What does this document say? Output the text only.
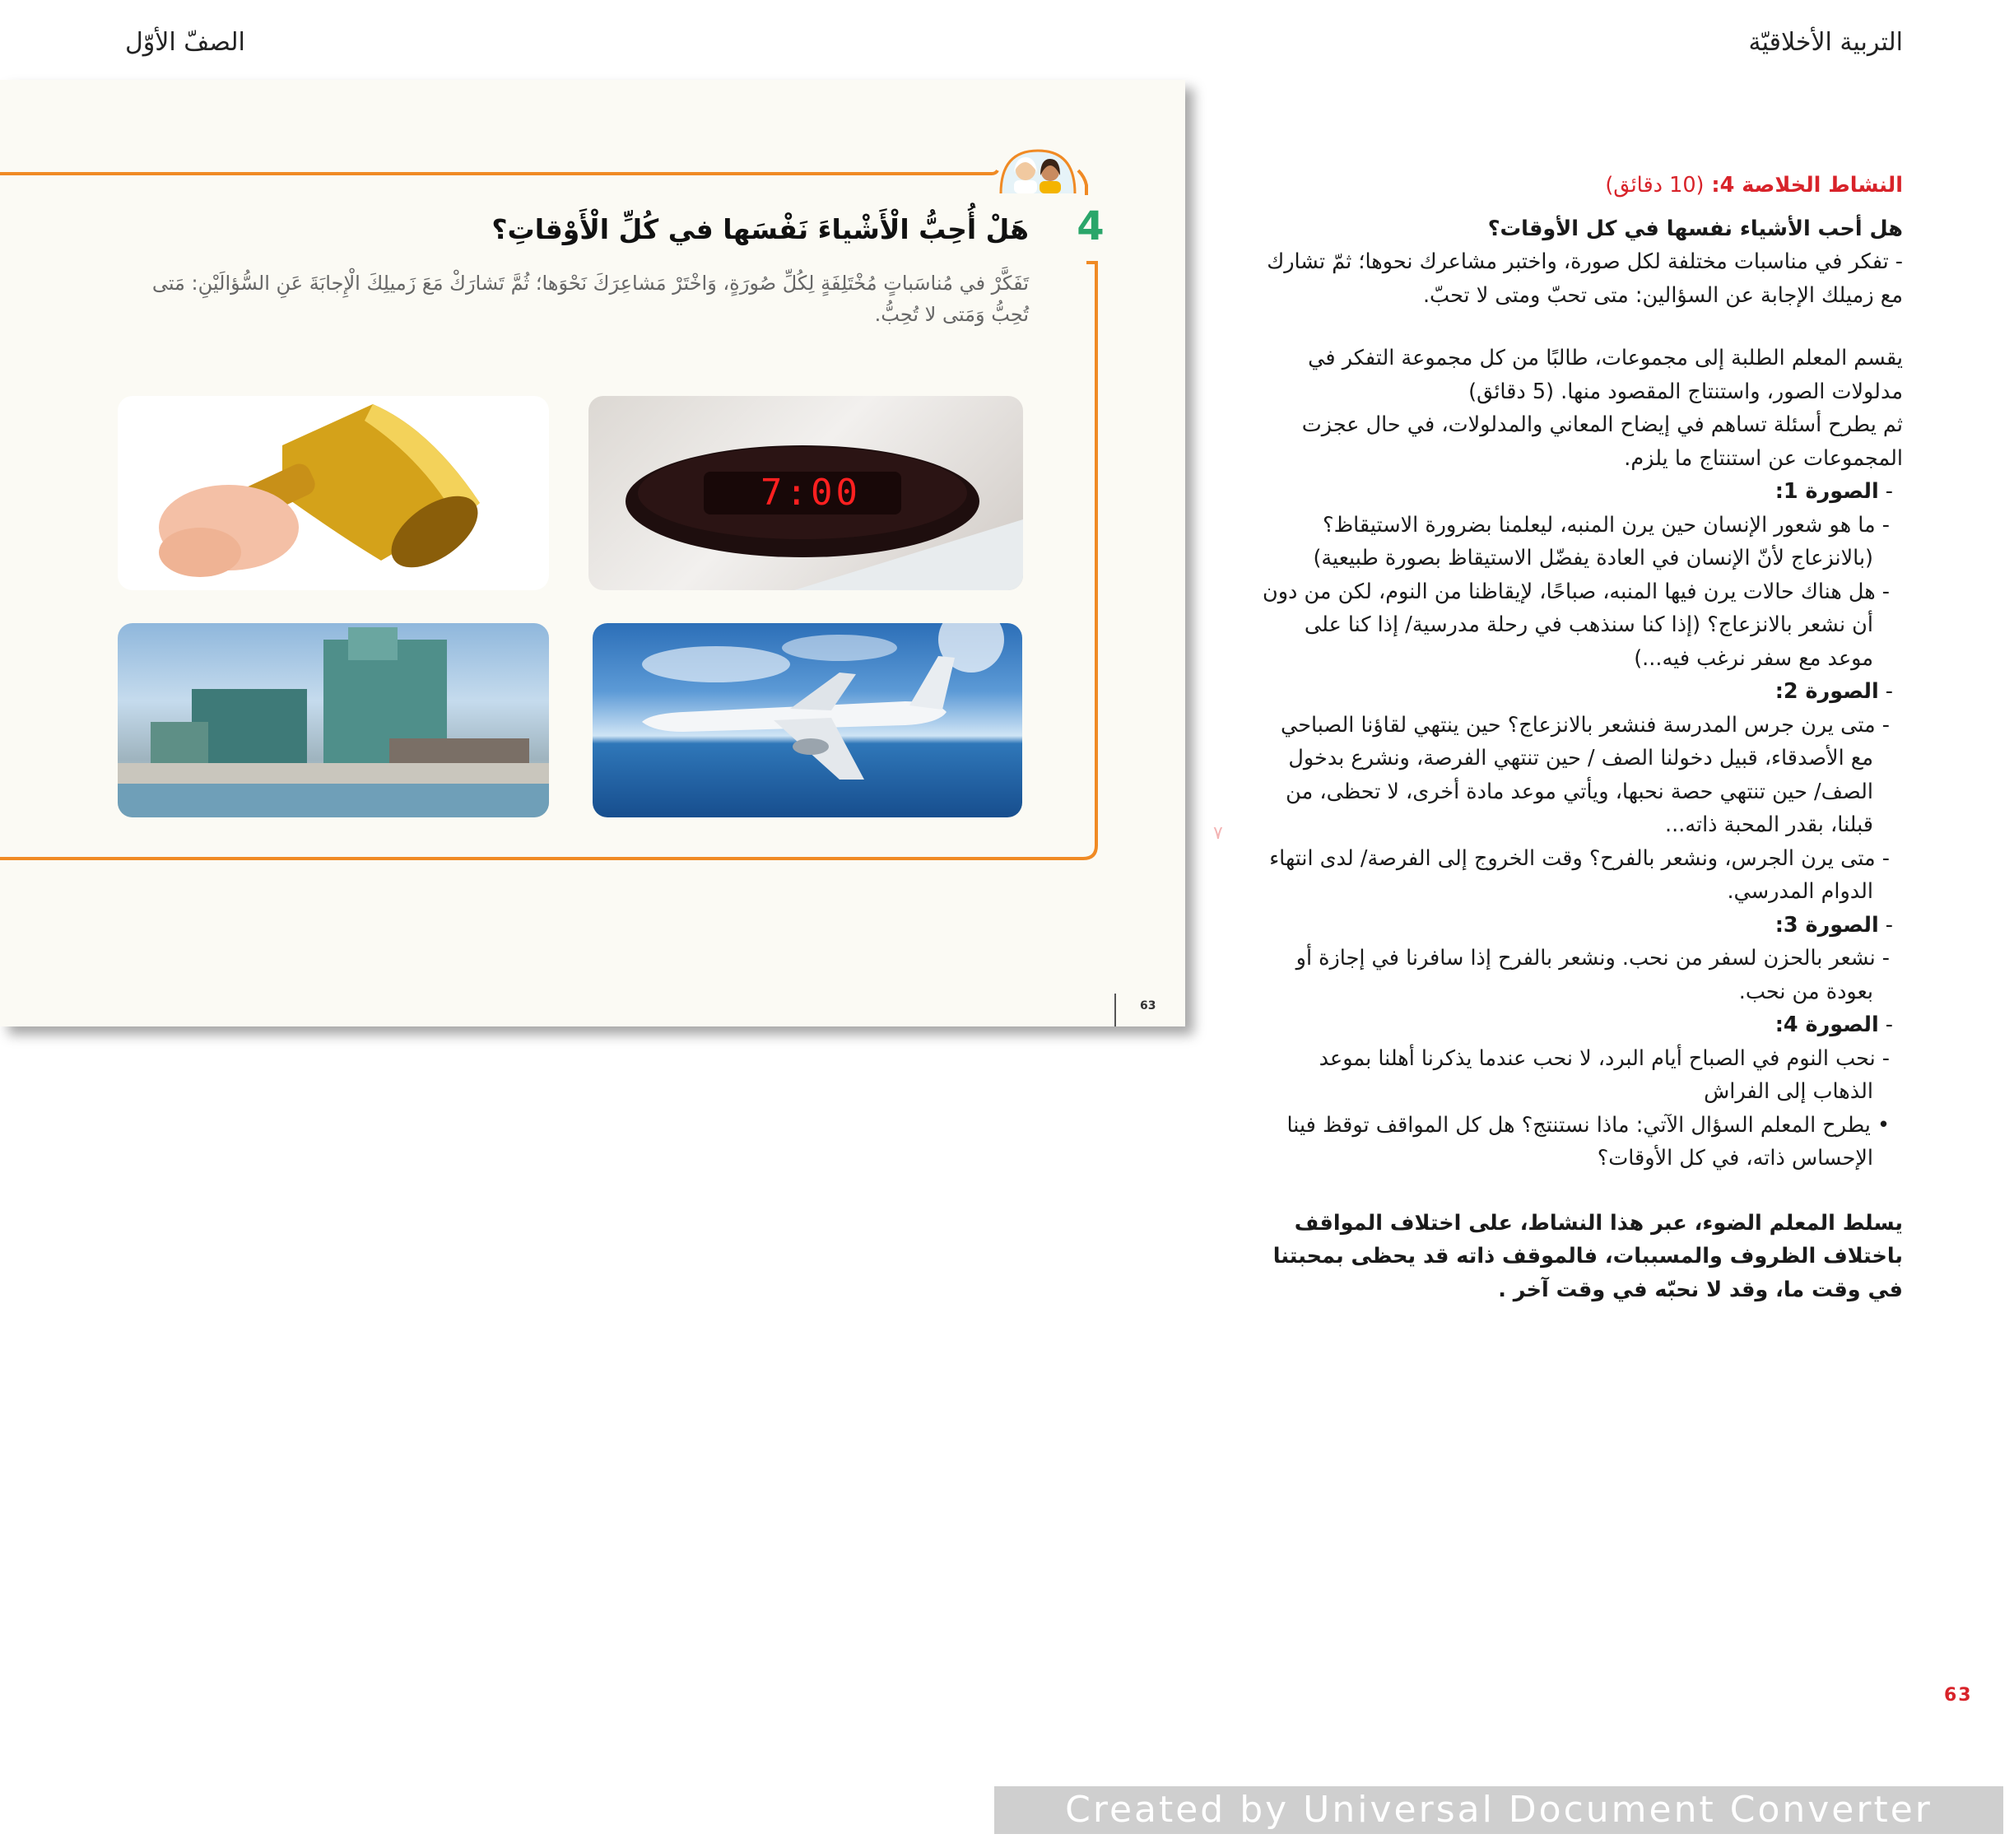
التربية الأخلاقيّة
الصفّ الأوّل
4
هَلْ أُحِبُّ الْأَشْياءَ نَفْسَها في كُلِّ الْأَوْقاتِ؟
تَفَكَّرْ في مُناسَباتٍ مُخْتَلِفَةٍ لِكُلِّ صُورَةٍ، وَاخْتَرْ مَشاعِرَكَ نَحْوَها؛ ثُمَّ تَشارَكْ مَعَ زَميلِكَ الْإِجابَةَ عَنِ السُّؤالَيْنِ: مَتى تُحِبُّ وَمَتى لا تُحِبُّ.
7:00
63
٧

النشاط الخلاصة 4: (10 دقائق)

هل أحب الأشياء نفسها في كل الأوقات؟

- تفكر في مناسبات مختلفة لكل صورة، واختبر مشاعرك نحوها؛ ثمّ تشارك مع زميلك الإجابة عن السؤالين: متى تحبّ ومتى لا تحبّ.

يقسم المعلم الطلبة إلى مجموعات، طالبًا من كل مجموعة التفكر في مدلولات الصور، واستنتاج المقصود منها. (5 دقائق)

ثم يطرح أسئلة تساهم في إيضاح المعاني والمدلولات، في حال عجزت المجموعات عن استنتاج ما يلزم.

- الصورة 1:

- ما هو شعور الإنسان حين يرن المنبه، ليعلمنا بضرورة الاستيقاظ؟ (بالانزعاج لأنّ الإنسان في العادة يفضّل الاستيقاظ بصورة طبيعية)

- هل هناك حالات يرن فيها المنبه، صباحًا، لإيقاظنا من النوم، لكن من دون أن نشعر بالانزعاج؟ (إذا كنا سنذهب في رحلة مدرسية/ إذا كنا على موعد مع سفر نرغب فيه...)

- الصورة 2:

- متى يرن جرس المدرسة فنشعر بالانزعاج؟ حين ينتهي لقاؤنا الصباحي مع الأصدقاء، قبيل دخولنا الصف / حين تنتهي الفرصة، ونشرع بدخول الصف/ حين تنتهي حصة نحبها، ويأتي موعد مادة أخرى، لا تحظى، من قبلنا، بقدر المحبة ذاته...

- متى يرن الجرس، ونشعر بالفرح؟ وقت الخروج إلى الفرصة/ لدى انتهاء الدوام المدرسي.

- الصورة 3:

- نشعر بالحزن لسفر من نحب. ونشعر بالفرح إذا سافرنا في إجازة أو بعودة من نحب.

- الصورة 4:

- نحب النوم في الصباح أيام البرد، لا نحب عندما يذكرنا أهلنا بموعد الذهاب إلى الفراش

• يطرح المعلم السؤال الآتي: ماذا نستنتج؟ هل كل المواقف توقظ فينا الإحساس ذاته، في كل الأوقات؟

يسلط المعلم الضوء، عبر هذا النشاط، على اختلاف المواقف باختلاف الظروف والمسببات، فالموقف ذاته قد يحظى بمحبتنا في وقت ما، وقد لا نحبّه في وقت آخر .

63
Created by Universal Document Converter
